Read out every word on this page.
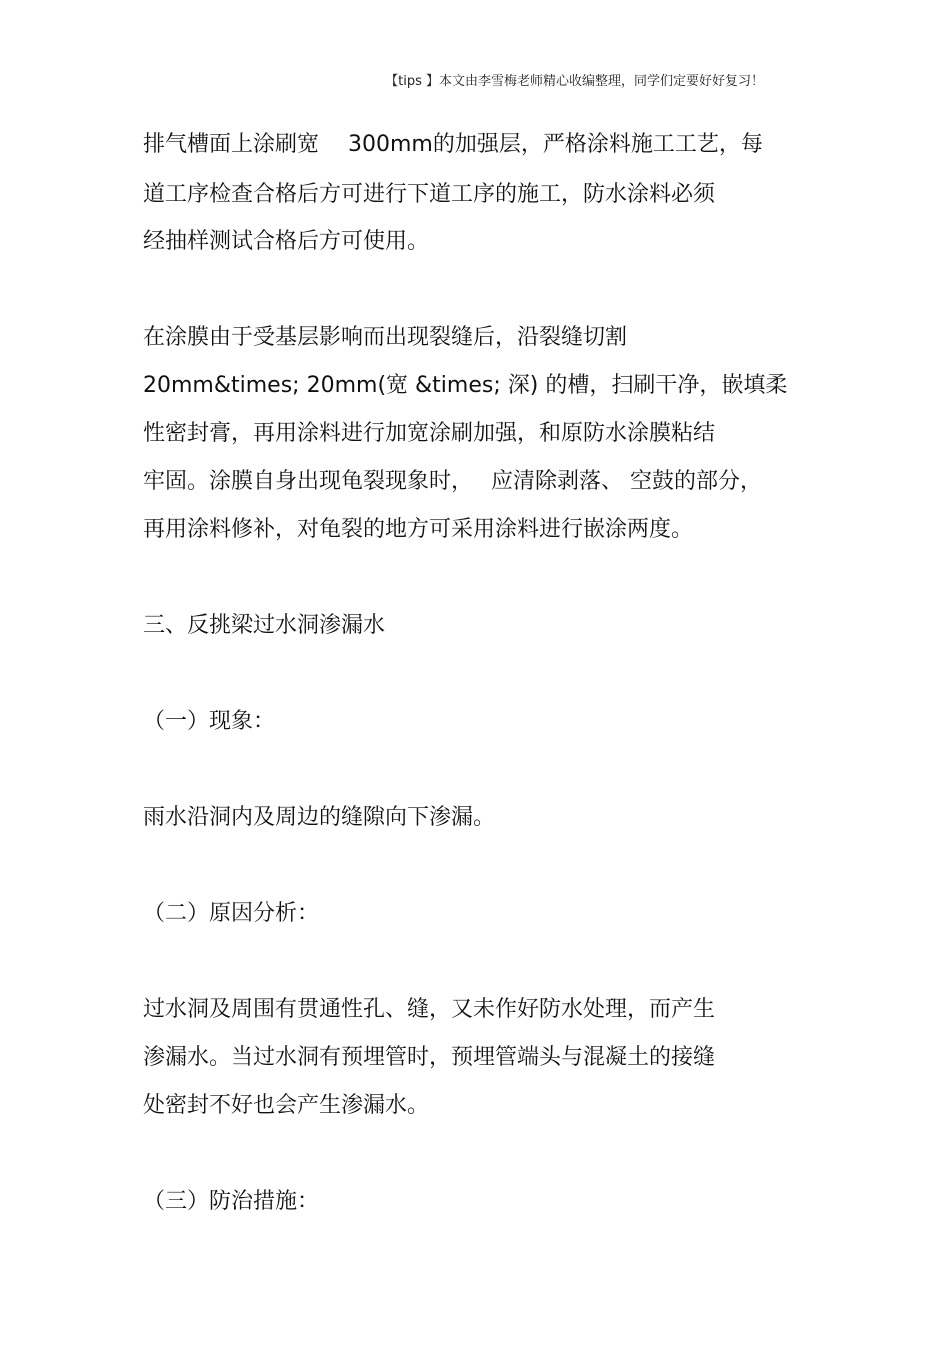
【tips 】本文由李雪梅老师精心收编整理，同学们定要好好复习！
排气槽面上涂刷宽　 300mm的加强层，严格涂料施工工艺，每
道工序检查合格后方可进行下道工序的施工，防水涂料必须
经抽样测试合格后方可使用。
在涂膜由于受基层影响而出现裂缝后，沿裂缝切割
20mm&times; 20mm(宽 &times; 深) 的槽，扫刷干净，嵌填柔
性密封膏，再用涂料进行加宽涂刷加强，和原防水涂膜粘结
牢固。涂膜自身出现龟裂现象时，　 应清除剥落、 空鼓的部分，
再用涂料修补，对龟裂的地方可采用涂料进行嵌涂两度。
三、反挑梁过水洞渗漏水
（一）现象：
雨水沿洞内及周边的缝隙向下渗漏。
（二）原因分析：
过水洞及周围有贯通性孔、缝，又未作好防水处理，而产生
渗漏水。当过水洞有预埋管时，预埋管端头与混凝土的接缝
处密封不好也会产生渗漏水。
（三）防治措施：
